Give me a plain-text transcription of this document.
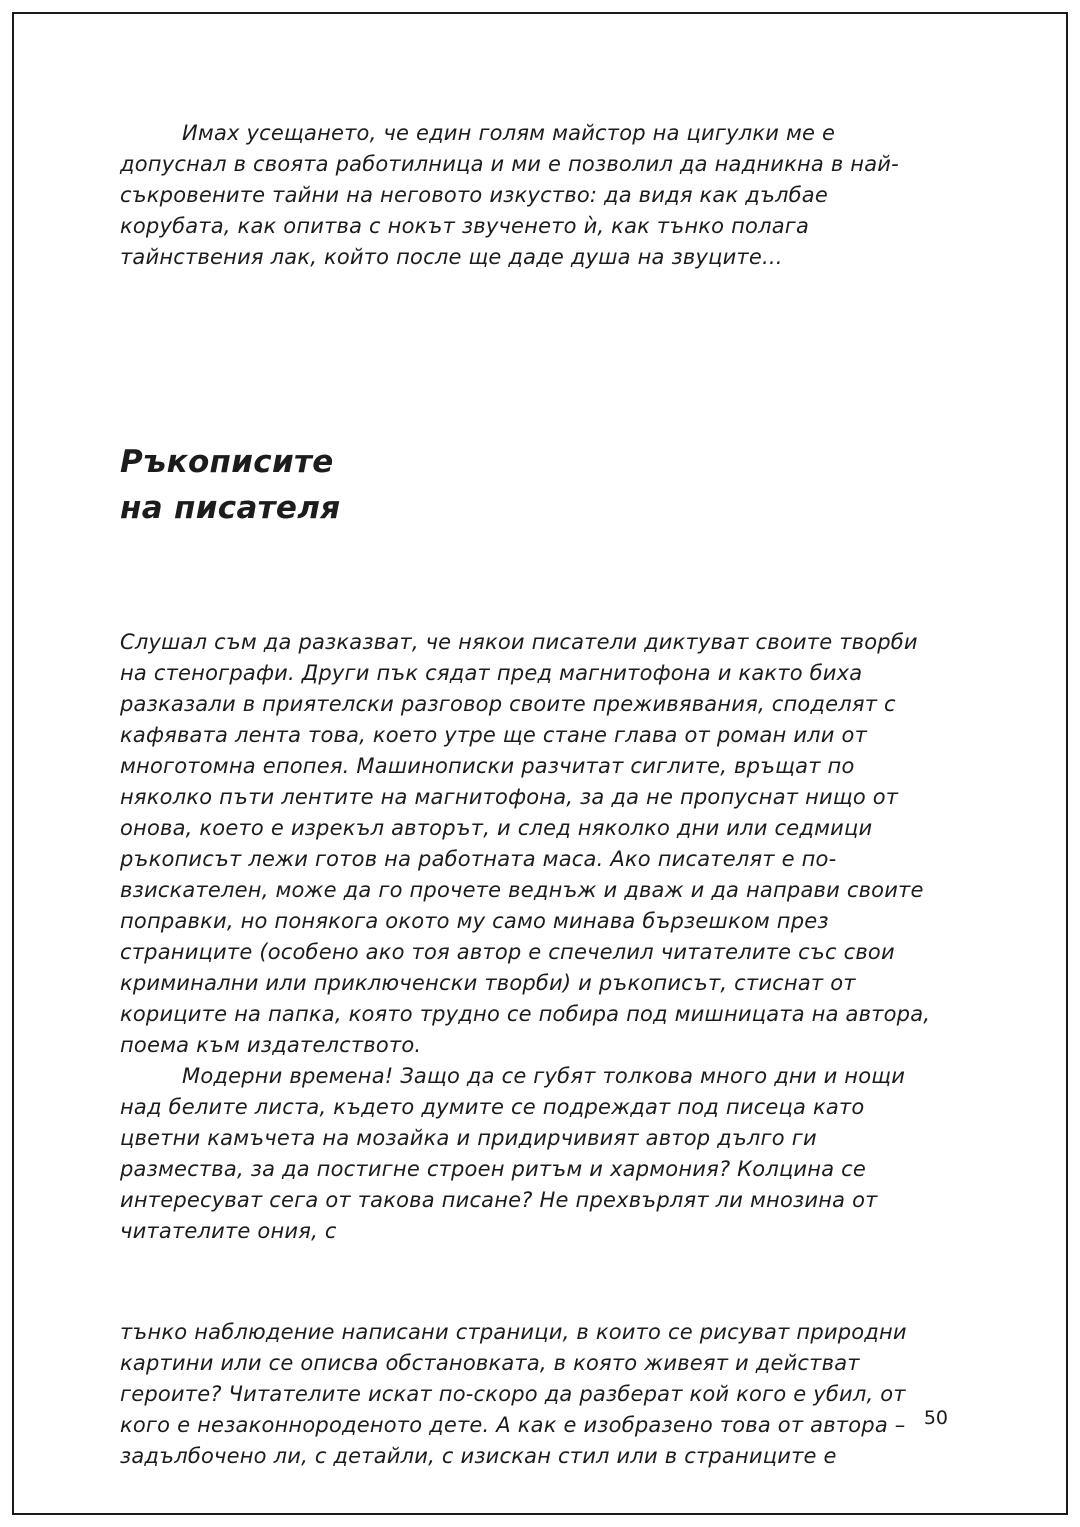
Имах усещането, че един голям майстор на цигулки ме е допуснал в своята работилница и ми е позволил да надникна в най-съкровените тайни на неговото изкуство: да видя как дълбае корубата, как опитва с нокът звученето ѝ, как тънко полага тайнствения лак, който после ще даде душа на звуците...

Ръкописите
на писателя

Слушал съм да разказват, че някои писатели диктуват своите творби на стенографи. Други пък сядат пред магнитофона и както биха разказали в приятелски разговор своите преживявания, споделят с кафявата лента това, което утре ще стане глава от роман или от многотомна епопея. Машинописки разчитат сиглите, връщат по няколко пъти лентите на магнитофона, за да не пропуснат нищо от онова, което е изрекъл авторът, и след няколко дни или седмици ръкописът лежи готов на работната маса. Ако писателят е по-взискателен, може да го прочете веднъж и дваж и да направи своите поправки, но понякога окото му само минава бързешком през страниците (особено ако тоя автор е спечелил читателите със свои криминални или приключенски творби) и ръкописът, стиснат от кориците на папка, която трудно се побира под мишницата на автора, поема към издателството.

Модерни времена! Защо да се губят толкова много дни и нощи над белите листа, където думите се подреждат под писеца като цветни камъчета на мозайка и придирчивият автор дълго ги размества, за да постигне строен ритъм и хармония? Колцина се интересуват сега от такова писане? Не прехвърлят ли мнозина от читателите ония, с

тънко наблюдение написани страници, в които се рисуват природни картини или се описва обстановката, в която живеят и действат героите? Читателите искат по-скоро да разберат кой кого е убил, от кого е незаконнороденото дете. А как е изобразено това от автора – задълбочено ли, с детайли, с изискан стил или в страниците е

50
